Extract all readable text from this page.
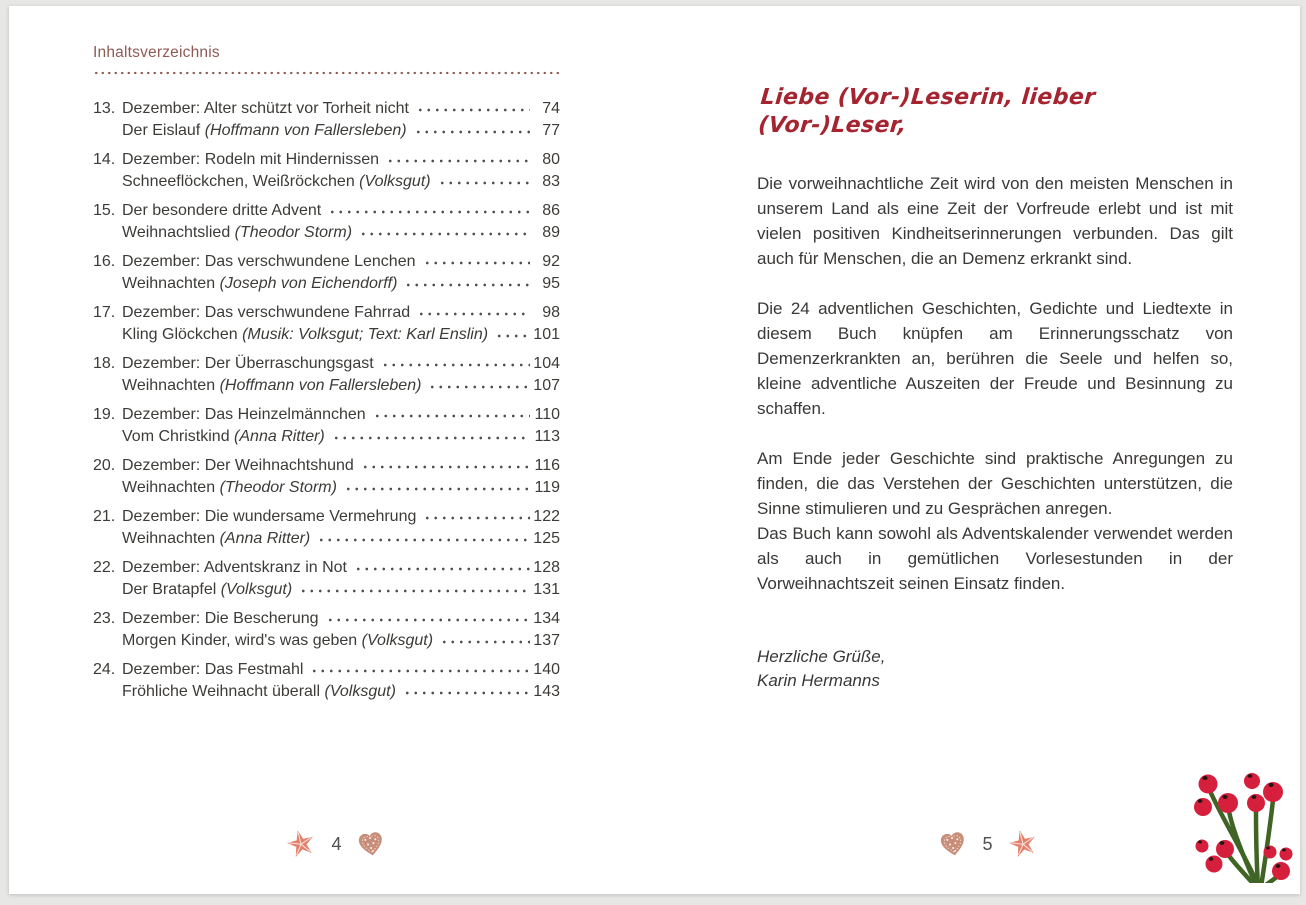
Inhaltsverzeichnis
13. Dezember: Alter schützt vor Torheit nicht	74
Der Eislauf (Hoffmann von Fallersleben)	77
14. Dezember: Rodeln mit Hindernissen	80
Schneeflöckchen, Weißröckchen (Volksgut)	83
15. Der besondere dritte Advent	86
Weihnachtslied (Theodor Storm)	89
16. Dezember: Das verschwundene Lenchen	92
Weihnachten (Joseph von Eichendorff)	95
17. Dezember: Das verschwundene Fahrrad	98
Kling Glöckchen (Musik: Volksgut; Text: Karl Enslin)	101
18. Dezember: Der Überraschungsgast	104
Weihnachten (Hoffmann von Fallersleben)	107
19. Dezember: Das Heinzelmännchen	110
Vom Christkind (Anna Ritter)	113
20. Dezember: Der Weihnachtshund	116
Weihnachten (Theodor Storm)	119
21. Dezember: Die wundersame Vermehrung	122
Weihnachten (Anna Ritter)	125
22. Dezember: Adventskranz in Not	128
Der Bratapfel (Volksgut)	131
23. Dezember: Die Bescherung	134
Morgen Kinder, wird's was geben (Volksgut)	137
24. Dezember: Das Festmahl	140
Fröhliche Weihnacht überall (Volksgut)	143
Liebe (Vor-)Leserin, lieber (Vor-)Leser,

Die vorweihnachtliche Zeit wird von den meisten Menschen in unserem Land als eine Zeit der Vorfreude erlebt und ist mit vielen positiven Kindheitserinnerungen verbunden. Das gilt auch für Menschen, die an Demenz erkrankt sind.

Die 24 adventlichen Geschichten, Gedichte und Liedtexte in diesem Buch knüpfen am Erinnerungsschatz von Demenzerkrankten an, berühren die Seele und helfen so, kleine adventliche Auszeiten der Freude und Besinnung zu schaffen.

Am Ende jeder Geschichte sind praktische Anregungen zu finden, die das Verstehen der Geschichten unterstützen, die Sinne stimulieren und zu Gesprächen anregen.

Das Buch kann sowohl als Adventskalender verwendet werden als auch in gemütlichen Vorlesestunden in der Vorweihnachtszeit seinen Einsatz finden.

Herzliche Grüße,
Karin Hermanns
4	5
